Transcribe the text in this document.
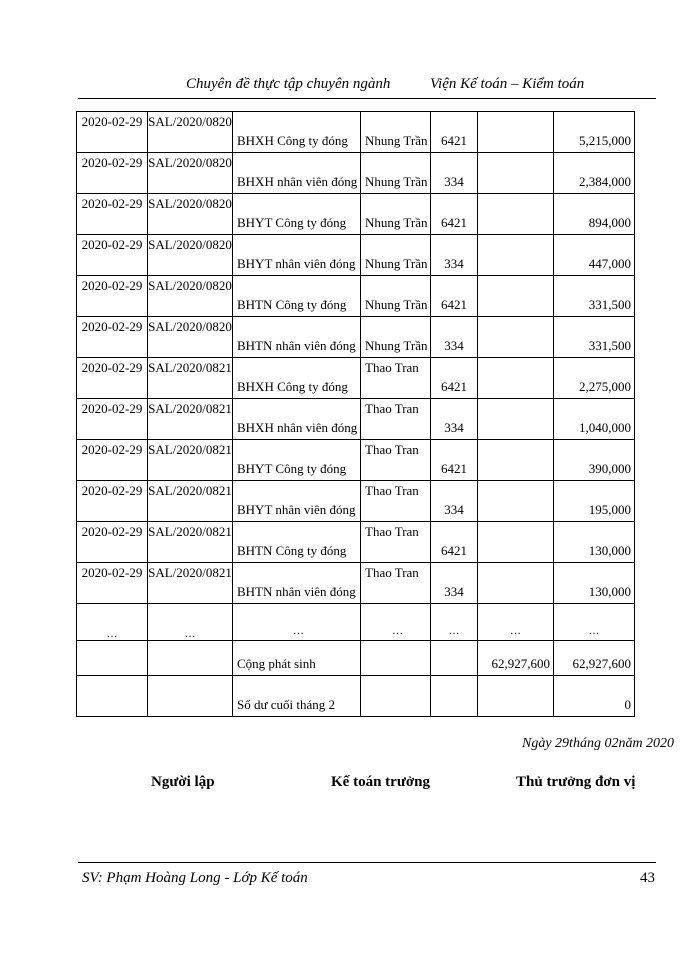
Chuyên đề thực tập chuyên ngành	Viện Kế toán – Kiểm toán
2020-02-29	SAL/2020/0820	BHXH Công ty đóng	Nhung Trần	6421		5,215,000

2020-02-29	SAL/2020/0820	BHXH nhân viên đóng	Nhung Trần	334		2,384,000

2020-02-29	SAL/2020/0820	BHYT Công ty đóng	Nhung Trần	6421		894,000

2020-02-29	SAL/2020/0820	BHYT nhân viên đóng	Nhung Trần	334		447,000

2020-02-29	SAL/2020/0820	BHTN Công ty đóng	Nhung Trần	6421		331,500

2020-02-29	SAL/2020/0820	BHTN nhân viên đóng	Nhung Trần	334		331,500

2020-02-29	SAL/2020/0821	BHXH Công ty đóng	Thao Tran	6421		2,275,000

2020-02-29	SAL/2020/0821	BHXH nhân viên đóng	Thao Tran	334		1,040,000

2020-02-29	SAL/2020/0821	BHYT Công ty đóng	Thao Tran	6421		390,000

2020-02-29	SAL/2020/0821	BHYT nhân viên đóng	Thao Tran	334		195,000

2020-02-29	SAL/2020/0821	BHTN Công ty đóng	Thao Tran	6421		130,000

2020-02-29	SAL/2020/0821	BHTN nhân viên đóng	Thao Tran	334		130,000
…	…	…	…	…	…	…
		Cộng phát sinh			62,927,600	62,927,600
		Số dư cuối tháng 2				0
Ngày 29tháng 02năm 2020
Người lập	Kế toán trưởng	Thủ trưởng đơn vị
SV: Phạm Hoàng Long - Lớp Kế toán	43
